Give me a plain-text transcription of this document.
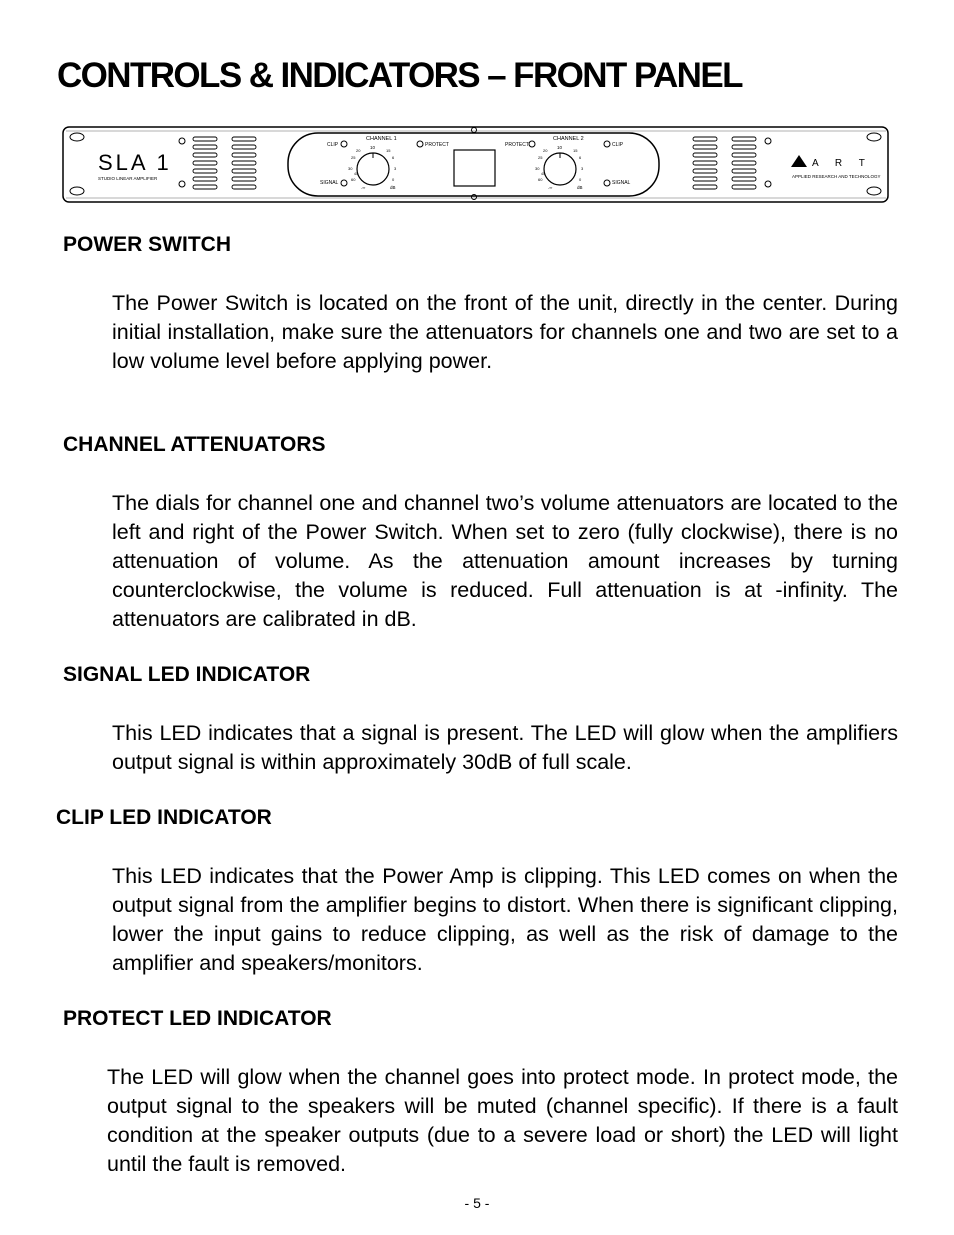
CONTROLS & INDICATORS – FRONT PANEL
SLA 1
STUDIO LINEAR AMPLIFIER
A R T
APPLIED RESEARCH AND TECHNOLOGY
CHANNEL 1	CHANNEL 2
CLIP
SIGNAL
PROTECT
10
20	15
25	6
30	3
60	0
-∞	dB
PROTECT	CLIP
SIGNAL
10
20	15
25	6
30	3
60	0
-∞	dB
40	40
POWER SWITCH
The Power Switch is located on the front of the unit, directly in the center. During initial installation, make sure the attenuators for channels one and two are set to a low volume level before applying power.
CHANNEL ATTENUATORS
The dials for channel one and channel two’s volume attenuators are located to the left and right of the Power Switch. When set to zero (fully clockwise), there is no attenuation of volume. As the attenuation amount increases by turning counterclockwise, the volume is reduced. Full attenuation is at -infinity. The attenuators are calibrated in dB.
SIGNAL LED INDICATOR
This LED indicates that a signal is present. The LED will glow when the amplifiers output signal is within approximately 30dB of full scale.
CLIP LED INDICATOR
This LED indicates that the Power Amp is clipping. This LED comes on when the output signal from the amplifier begins to distort. When there is significant clipping, lower the input gains to reduce clipping, as well as the risk of damage to the amplifier and speakers/monitors.
PROTECT LED INDICATOR
The LED will glow when the channel goes into protect mode. In protect mode, the output signal to the speakers will be muted (channel specific). If there is a fault condition at the speaker outputs (due to a severe load or short) the LED will light until the fault is removed.
- 5 -
